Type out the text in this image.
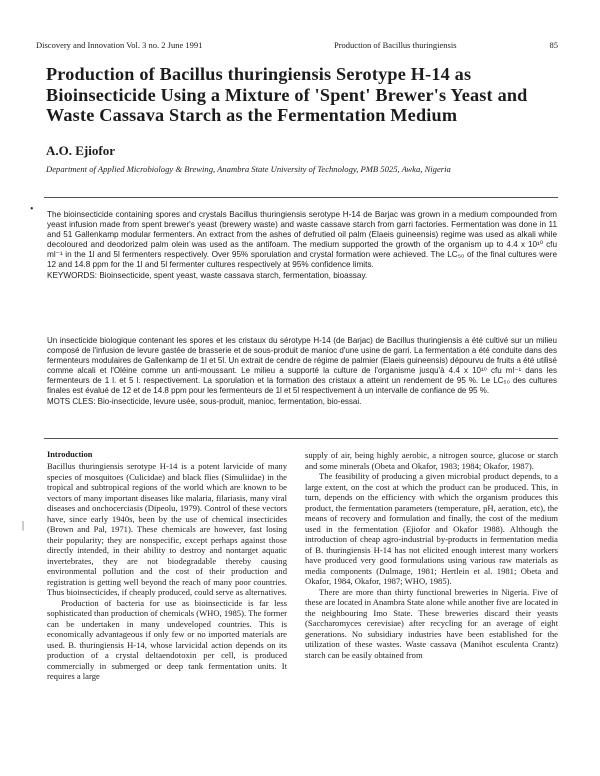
Discovery and Innovation Vol. 3 no. 2 June 1991	Production of Bacillus thuringiensis	85
Production of Bacillus thuringiensis Serotype H-14 as Bioinsecticide Using a Mixture of 'Spent' Brewer's Yeast and Waste Cassava Starch as the Fermentation Medium
A.O. Ejiofor
Department of Applied Microbiology & Brewing, Anambra State University of Technology, PMB 5025, Awka, Nigeria
• The bioinsecticide containing spores and crystals Bacillus thuringiensis serotype H-14 de Barjac was grown in a medium compounded from yeast infusion made from spent brewer's yeast (brewery waste) and waste cassave starch from garri factories. Fermentation was done in 11 and 51 Gallenkamp modular fermenters. An extract from the ashes of defrutied oil palm (Elaeis guineensis) regime was used as alkali while decoloured and deodorized palm olein was used as the antifoam. The medium supported the growth of the organism up to 4.4 x 10¹⁰ cfu ml⁻¹ in the 1l and 5l fermenters respectively. Over 95% sporulation and crystal formation were achieved. The LC₅₀ of the final cultures were 12 and 14.8 ppm for the 1l and 5l fermenter cultures respectively at 95% confidence limits.
KEYWORDS: Bioinsecticide, spent yeast, waste cassava starch, fermentation, bioassay.
Un insecticide biologique contenant les spores et les cristaux du sérotype H-14 (de Barjac) de Bacillus thuringiensis a été cultivé sur un milieu composé de l'infusion de levure gastée de brasserie et de sous-produit de manioc d'une usine de garri. La fermentation a été conduite dans des fermenteurs modulaires de Gallenkamp de 1l et 5l. Un extrait de cendre de régime de palmier (Elaeis guineensis) dépourvu de fruits a été utilisé comme alcali et l'Oléine comme un anti-moussant. Le milieu a supporté la culture de l'organisme jusqu'à 4.4 x 10¹⁰ cfu ml⁻¹ dans les fermenteurs de 1 l. et 5 l. respectivement. La sporulation et la formation des cristaux a atteint un rendement de 95 %. Le LC₅₀ des cultures finales est évalué de 12 et de 14.8 ppm pour les fermenteurs de 1l et 5l respectivement à un intervalle de confiance de 95 %.
MOTS CLES: Bio-insecticide, levure usée, sous-produit, manioc, fermentation, bio-essai.
|
Introduction

Bacillus thuringiensis serotype H-14 is a potent larvicide of many species of mosquitoes (Culicidae) and black flies (Simuliidae) in the tropical and subtropical regions of the world which are known to be vectors of many important diseases like malaria, filariasis, many viral diseases and onchocerciasis (Dipeolu, 1979). Control of these vectors have, since early 1940s, been by the use of chemical insecticides (Brown and Pal, 1971). These chemicals are however, fast losing their popularity; they are nonspecific, except perhaps against those directly intended, in their ability to destroy and nontarget aquatic invertebrates, they are not biodegradable thereby causing environmental pollution and the cost of their production and registration is getting well beyond the reach of many poor countries. Thus bioinsecticides, if cheaply produced, could serve as alternatives.

Production of bacteria for use as bioinsecticide is far less sophisticated than production of chemicals (WHO, 1985). The former can be undertaken in many undeveloped countries. This is economically advantageous if only few or no imported materials are used. B. thuringiensis H-14, whose larvicidal action depends on its production of a crystal deltaendotoxin per cell, is produced commercially in submerged or deep tank fermentation units. It requires a large

supply of air, being highly aerobic, a nitrogen source, glucose or starch and some minerals (Obeta and Okafor, 1983; 1984; Okafor, 1987).

The feasibility of producing a given microbial product depends, to a large extent, on the cost at which the product can be produced. This, in turn, depends on the efficiency with which the organism produces this product, the fermentation parameters (temperature, pH, aeration, etc), the means of recovery and formulation and finally, the cost of the medium used in the fermentation (Ejiofor and Okafor 1988). Although the introduction of cheap agro-industrial by-products in fermentation media of B. thuringiensis H-14 has not elicited enough interest many workers have produced very good formulations using various raw materials as media components (Dulmage, 1981; Hertlein et al. 1981; Obeta and Okafor, 1984, Okafor, 1987; WHO, 1985).

There are more than thirty functional breweries in Nigeria. Five of these are located in Anambra State alone while another five are located in the neighbouring Imo State. These breweries discard their yeasts (Saccharomyces cerevisiae) after recycling for an average of eight generations. No subsidiary industries have been established for the utilization of these wastes. Waste cassava (Manihot esculenta Crantz) starch can be easily obtained from
